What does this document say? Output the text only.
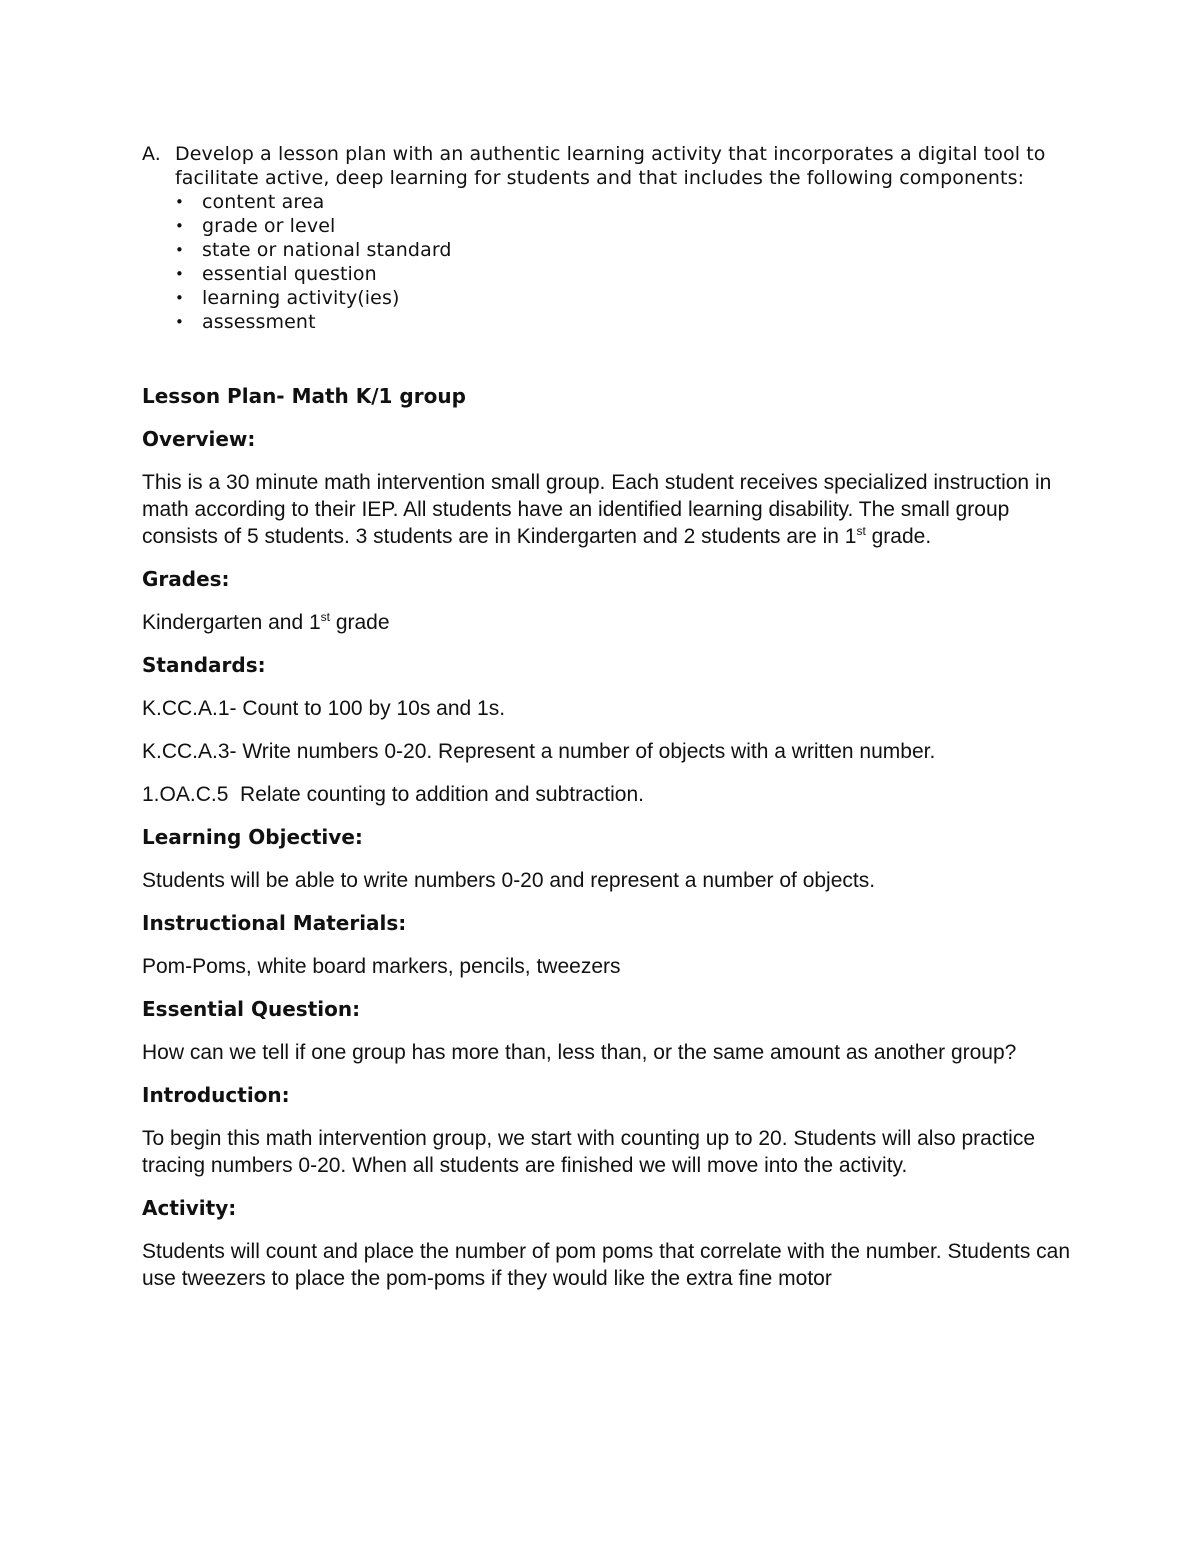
A. Develop a lesson plan with an authentic learning activity that incorporates a digital tool to facilitate active, deep learning for students and that includes the following components:
• content area
• grade or level
• state or national standard
• essential question
• learning activity(ies)
• assessment

Lesson Plan- Math K/1 group

Overview:

This is a 30 minute math intervention small group. Each student receives specialized instruction in math according to their IEP. All students have an identified learning disability. The small group consists of 5 students. 3 students are in Kindergarten and 2 students are in 1st grade.

Grades:

Kindergarten and 1st grade

Standards:

K.CC.A.1- Count to 100 by 10s and 1s.

K.CC.A.3- Write numbers 0-20. Represent a number of objects with a written number.

1.OA.C.5  Relate counting to addition and subtraction.

Learning Objective:

Students will be able to write numbers 0-20 and represent a number of objects.

Instructional Materials:

Pom-Poms, white board markers, pencils, tweezers

Essential Question:

How can we tell if one group has more than, less than, or the same amount as another group?

Introduction:

To begin this math intervention group, we start with counting up to 20. Students will also practice tracing numbers 0-20. When all students are finished we will move into the activity.

Activity:

Students will count and place the number of pom poms that correlate with the number. Students can use tweezers to place the pom-poms if they would like the extra fine motor
